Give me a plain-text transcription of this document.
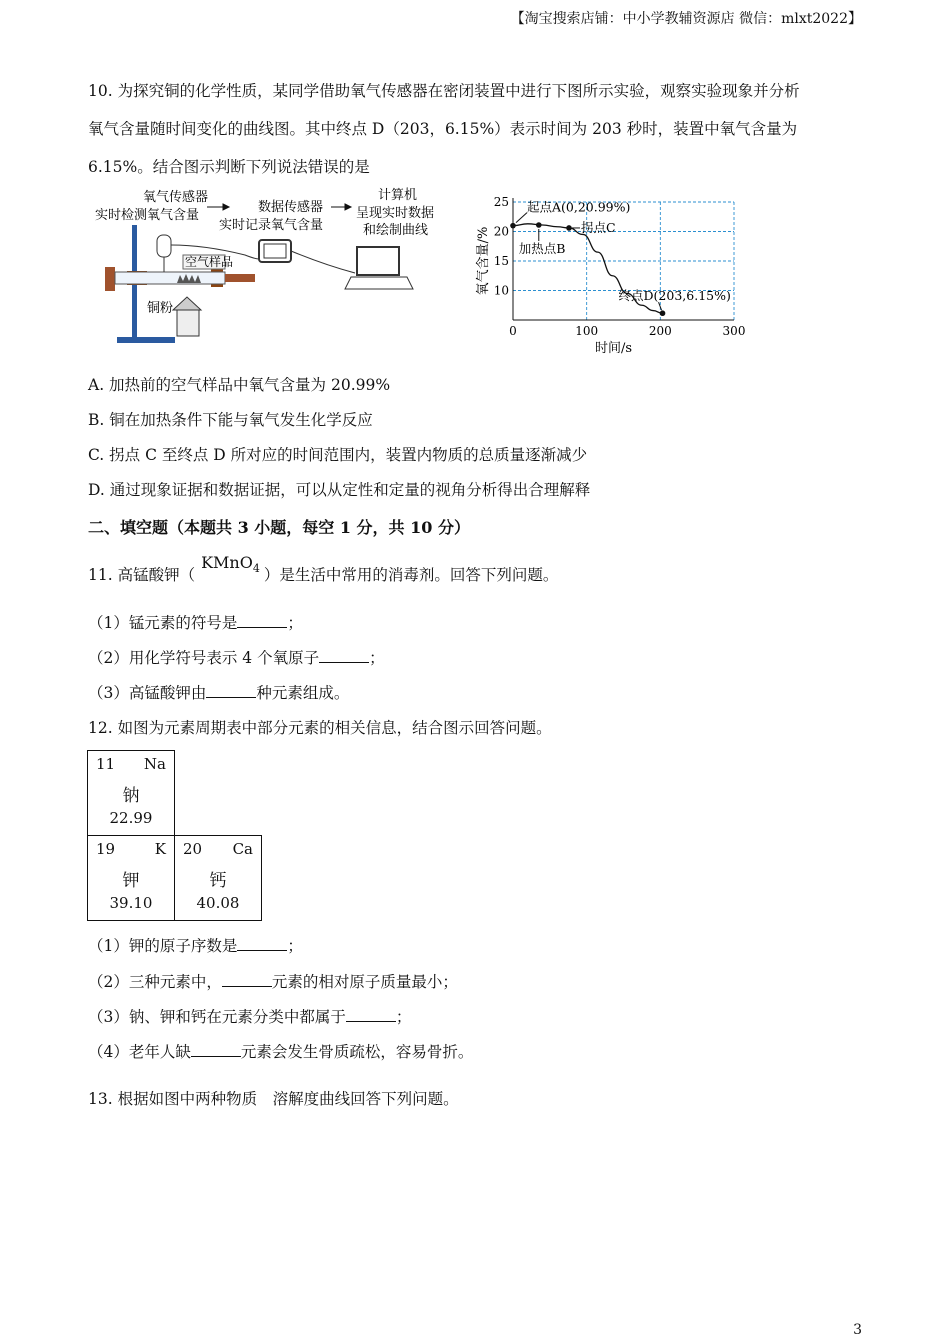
【淘宝搜索店铺：中小学教辅资源店 微信：mlxt2022】
10. 为探究铜的化学性质，某同学借助氧气传感器在密闭装置中进行下图所示实验，观察实验现象并分析
氧气含量随时间变化的曲线图。其中终点 D（203，6.15%）表示时间为 203 秒时，装置中氧气含量为
6.15%。结合图示判断下列说法错误的是
氧气传感器
实时检测氧气含量
数据传感器
实时记录氧气含量
计算机
呈现实时数据
和绘制曲线
空气样品
铜粉
0	100	200	300
10
15
20
25 起点A(0,20.99%)
加热点B
拐点C
终点D(203,6.15%)
时间/s
氧气含量/%
A. 加热前的空气样品中氧气含量为 20.99%
B. 铜在加热条件下能与氧气发生化学反应
C. 拐点 C 至终点 D 所对应的时间范围内，装置内物质的总质量逐渐减少
D. 通过现象证据和数据证据，可以从定性和定量的视角分析得出合理解释
二、填空题（本题共 3 小题，每空 1 分，共 10 分）
11. 高锰酸钾（KMnO$_4$ ）是生活中常用的消毒剂。回答下列问题。
（1）锰元素的符号是	；
（2）用化学符号表示 4 个氧原子	；
（3）高锰酸钾由	种元素组成。
12. 如图为元素周期表中部分元素的相关信息，结合图示回答问题。
11 Na
钠
22.99
19	K
钾
39.10
20 Ca
钙
40.08
（1）钾的原子序数是	；
（2）三种元素中，	元素的相对原子质量最小；
（3）钠、钾和钙在元素分类中都属于	；
（4）老年人缺	元素会发生骨质疏松，容易骨折。
13. 根据如图中两种物质　溶解度曲线回答下列问题。
3
